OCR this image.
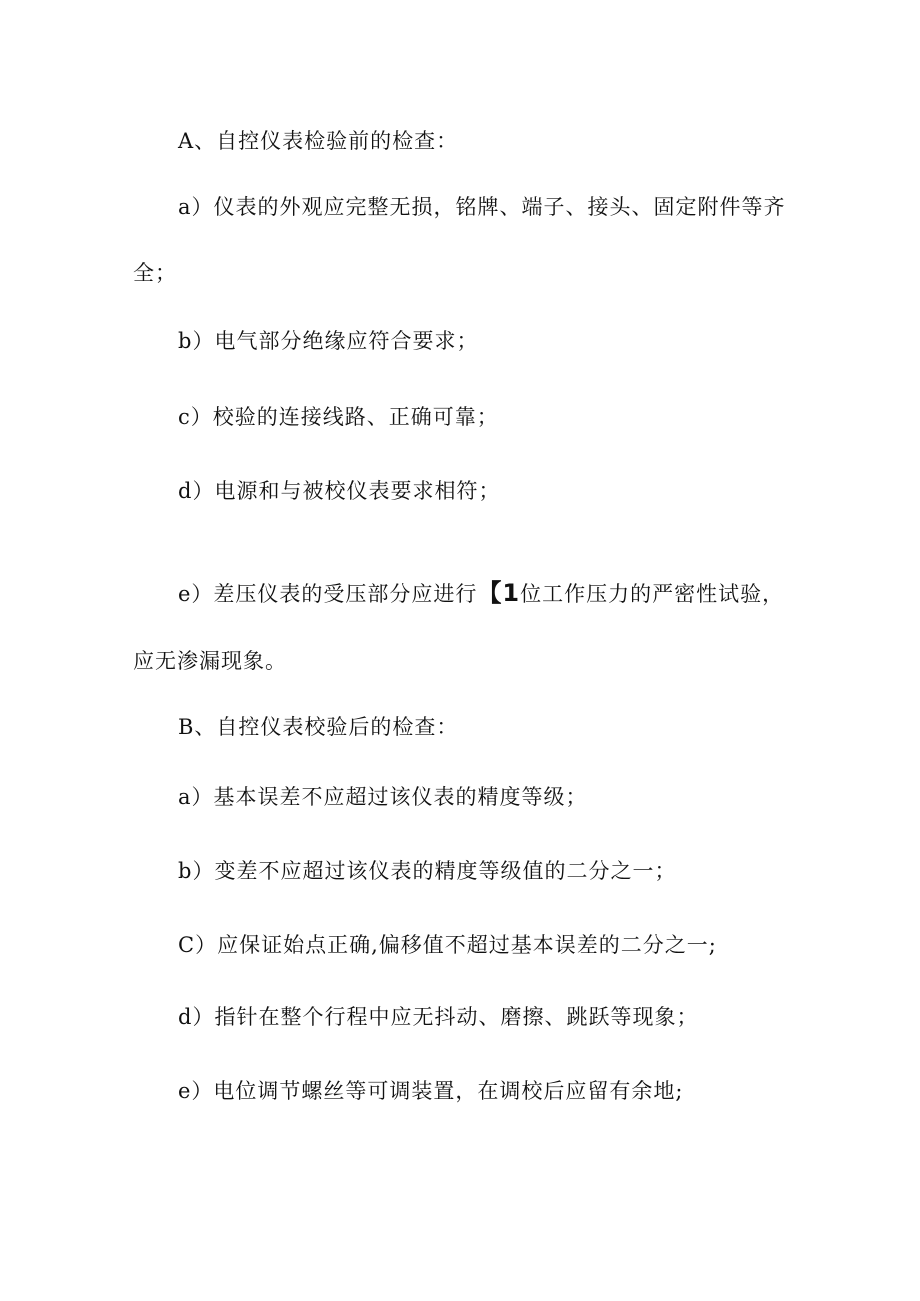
A、自控仪表检验前的检查：
a）仪表的外观应完整无损，铭牌、端子、接头、固定附件等齐
全；
b）电气部分绝缘应符合要求；
c）校验的连接线路、正确可靠；
d）电源和与被校仪表要求相符；
e）差压仪表的受压部分应进行【1位工作压力的严密性试验，
应无渗漏现象。
B、自控仪表校验后的检查：
a）基本误差不应超过该仪表的精度等级；
b）变差不应超过该仪表的精度等级值的二分之一；
C）应保证始点正确,偏移值不超过基本误差的二分之一;
d）指针在整个行程中应无抖动、磨擦、跳跃等现象；
e）电位调节螺丝等可调装置，在调校后应留有余地;
